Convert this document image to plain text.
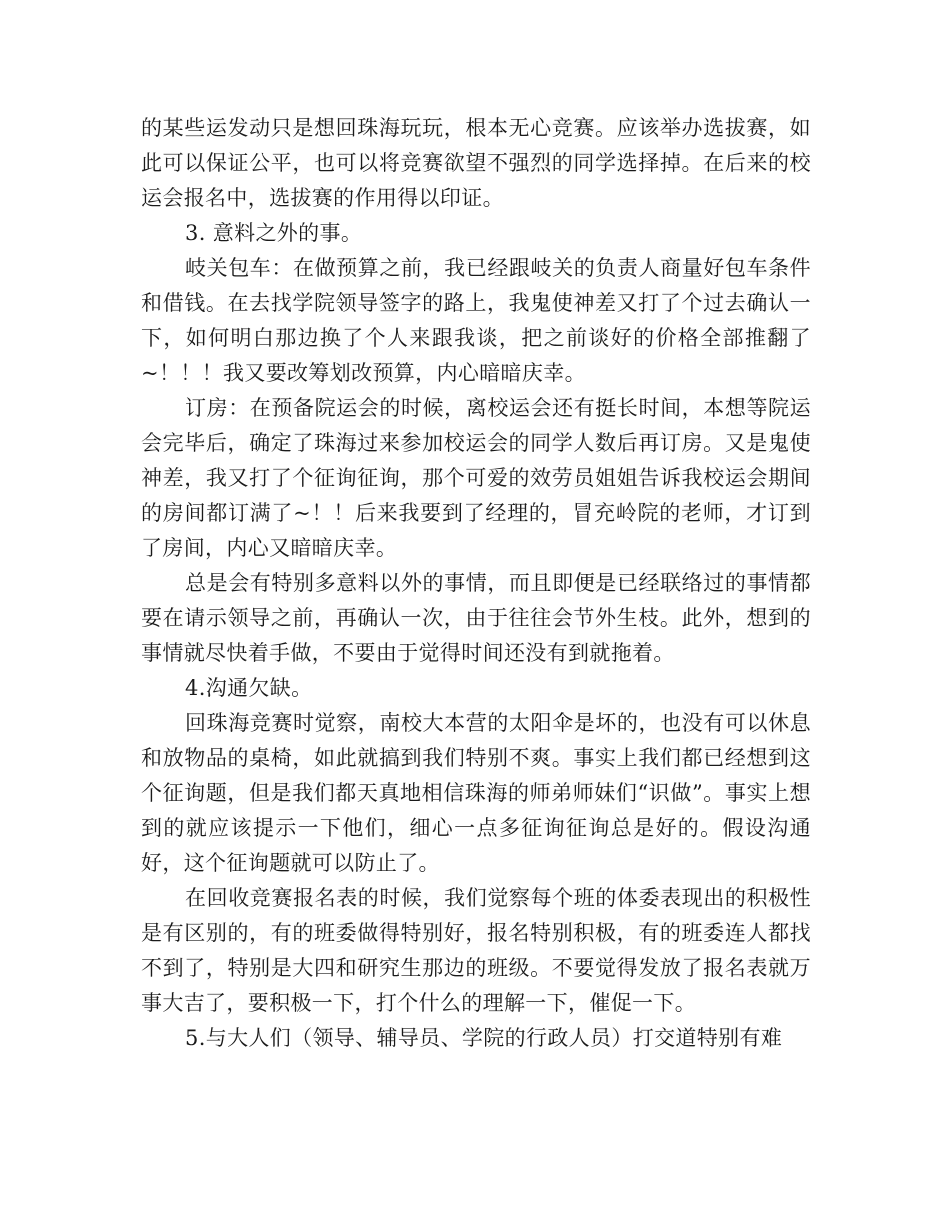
的某些运发动只是想回珠海玩玩，根本无心竞赛。应该举办选拔赛，如此可以保证公平，也可以将竞赛欲望不强烈的同学选择掉。在后来的校运会报名中，选拔赛的作用得以印证。

3. 意料之外的事。

岐关包车：在做预算之前，我已经跟岐关的负责人商量好包车条件和借钱。在去找学院领导签字的路上，我鬼使神差又打了个过去确认一下，如何明白那边换了个人来跟我谈，把之前谈好的价格全部推翻了~！！！我又要改筹划改预算，内心暗暗庆幸。

订房：在预备院运会的时候，离校运会还有挺长时间，本想等院运会完毕后，确定了珠海过来参加校运会的同学人数后再订房。又是鬼使神差，我又打了个征询征询，那个可爱的效劳员姐姐告诉我校运会期间的房间都订满了~！！后来我要到了经理的，冒充岭院的老师，才订到了房间，内心又暗暗庆幸。

总是会有特别多意料以外的事情，而且即便是已经联络过的事情都要在请示领导之前，再确认一次，由于往往会节外生枝。此外，想到的事情就尽快着手做，不要由于觉得时间还没有到就拖着。

4.沟通欠缺。

回珠海竞赛时觉察，南校大本营的太阳伞是坏的，也没有可以休息和放物品的桌椅，如此就搞到我们特别不爽。事实上我们都已经想到这个征询题，但是我们都天真地相信珠海的师弟师妹们“识做”。事实上想到的就应该提示一下他们，细心一点多征询征询总是好的。假设沟通好，这个征询题就可以防止了。

在回收竞赛报名表的时候，我们觉察每个班的体委表现出的积极性是有区别的，有的班委做得特别好，报名特别积极，有的班委连人都找不到了，特别是大四和研究生那边的班级。不要觉得发放了报名表就万事大吉了，要积极一下，打个什么的理解一下，催促一下。

5.与大人们（领导、辅导员、学院的行政人员）打交道特别有难
